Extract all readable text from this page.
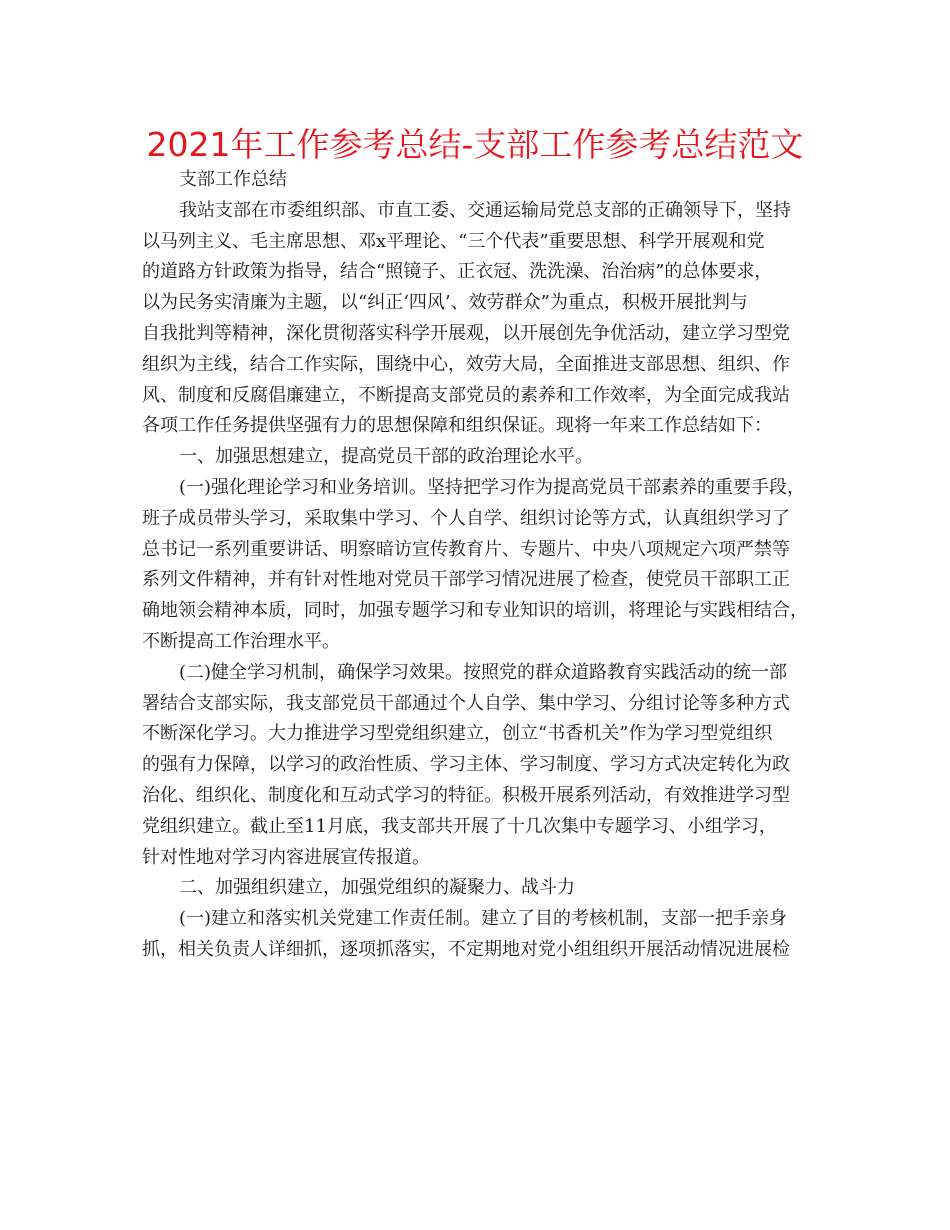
2021年工作参考总结-支部工作参考总结范文
支部工作总结
我站支部在市委组织部、市直工委、交通运输局党总支部的正确领导下，坚持
以马列主义、毛主席思想、邓x平理论、“三个代表”重要思想、科学开展观和党
的道路方针政策为指导，结合“照镜子、正衣冠、洗洗澡、治治病”的总体要求，
以为民务实清廉为主题，以“纠正‘四风’、效劳群众”为重点，积极开展批判与
自我批判等精神，深化贯彻落实科学开展观，以开展创先争优活动，建立学习型党
组织为主线，结合工作实际，围绕中心，效劳大局，全面推进支部思想、组织、作
风、制度和反腐倡廉建立，不断提高支部党员的素养和工作效率，为全面完成我站
各项工作任务提供坚强有力的思想保障和组织保证。现将一年来工作总结如下：
一、加强思想建立，提高党员干部的政治理论水平。
(一)强化理论学习和业务培训。坚持把学习作为提高党员干部素养的重要手段，
班子成员带头学习，采取集中学习、个人自学、组织讨论等方式，认真组织学习了
总书记一系列重要讲话、明察暗访宣传教育片、专题片、中央八项规定六项严禁等
系列文件精神，并有针对性地对党员干部学习情况进展了检查，使党员干部职工正
确地领会精神本质，同时，加强专题学习和专业知识的培训，将理论与实践相结合，
不断提高工作治理水平。
(二)健全学习机制，确保学习效果。按照党的群众道路教育实践活动的统一部
署结合支部实际，我支部党员干部通过个人自学、集中学习、分组讨论等多种方式
不断深化学习。大力推进学习型党组织建立，创立“书香机关”作为学习型党组织
的强有力保障，以学习的政治性质、学习主体、学习制度、学习方式决定转化为政
治化、组织化、制度化和互动式学习的特征。积极开展系列活动，有效推进学习型
党组织建立。截止至11月底，我支部共开展了十几次集中专题学习、小组学习，
针对性地对学习内容进展宣传报道。
二、加强组织建立，加强党组织的凝聚力、战斗力
(一)建立和落实机关党建工作责任制。建立了目的考核机制，支部一把手亲身
抓，相关负责人详细抓，逐项抓落实，不定期地对党小组组织开展活动情况进展检
